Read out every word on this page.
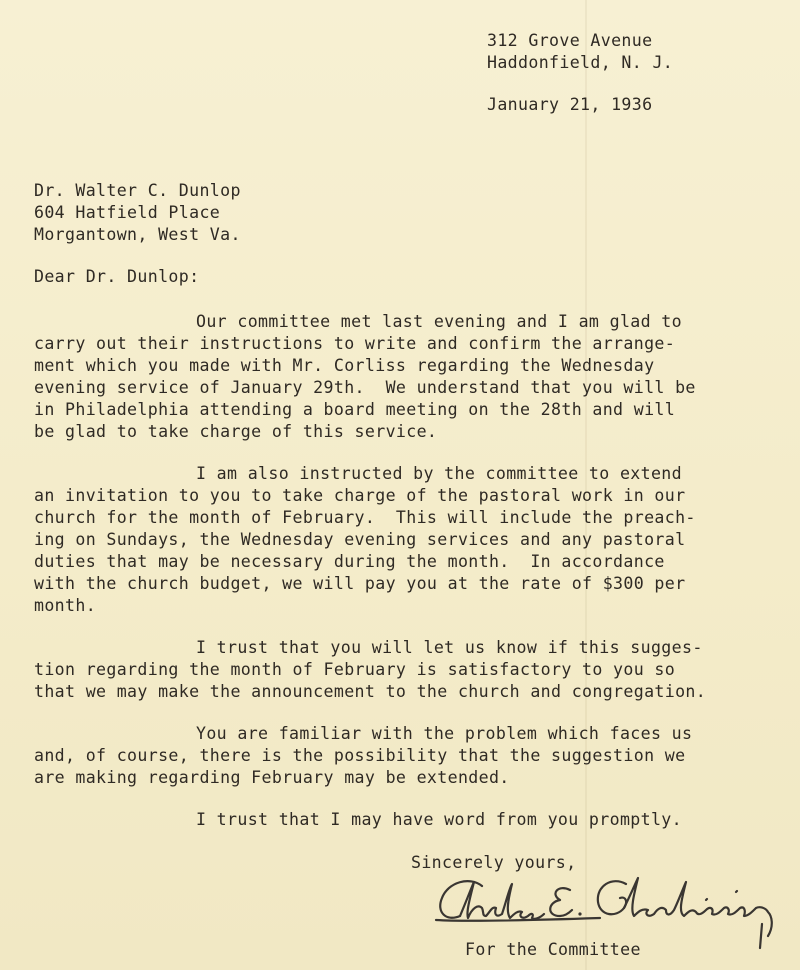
312 Grove Avenue
Haddonfield, N. J.
January 21, 1936
Dr. Walter C. Dunlop
604 Hatfield Place
Morgantown, West Va.
Dear Dr. Dunlop:
Our committee met last evening and I am glad to
carry out their instructions to write and confirm the arrange-
ment which you made with Mr. Corliss regarding the Wednesday
evening service of January 29th.  We understand that you will be
in Philadelphia attending a board meeting on the 28th and will
be glad to take charge of this service.
I am also instructed by the committee to extend
an invitation to you to take charge of the pastoral work in our
church for the month of February.  This will include the preach-
ing on Sundays, the Wednesday evening services and any pastoral
duties that may be necessary during the month.  In accordance
with the church budget, we will pay you at the rate of $300 per
month.
I trust that you will let us know if this sugges-
tion regarding the month of February is satisfactory to you so
that we may make the announcement to the church and congregation.
You are familiar with the problem which faces us
and, of course, there is the possibility that the suggestion we
are making regarding February may be extended.
I trust that I may have word from you promptly.
Sincerely yours,
For the Committee
